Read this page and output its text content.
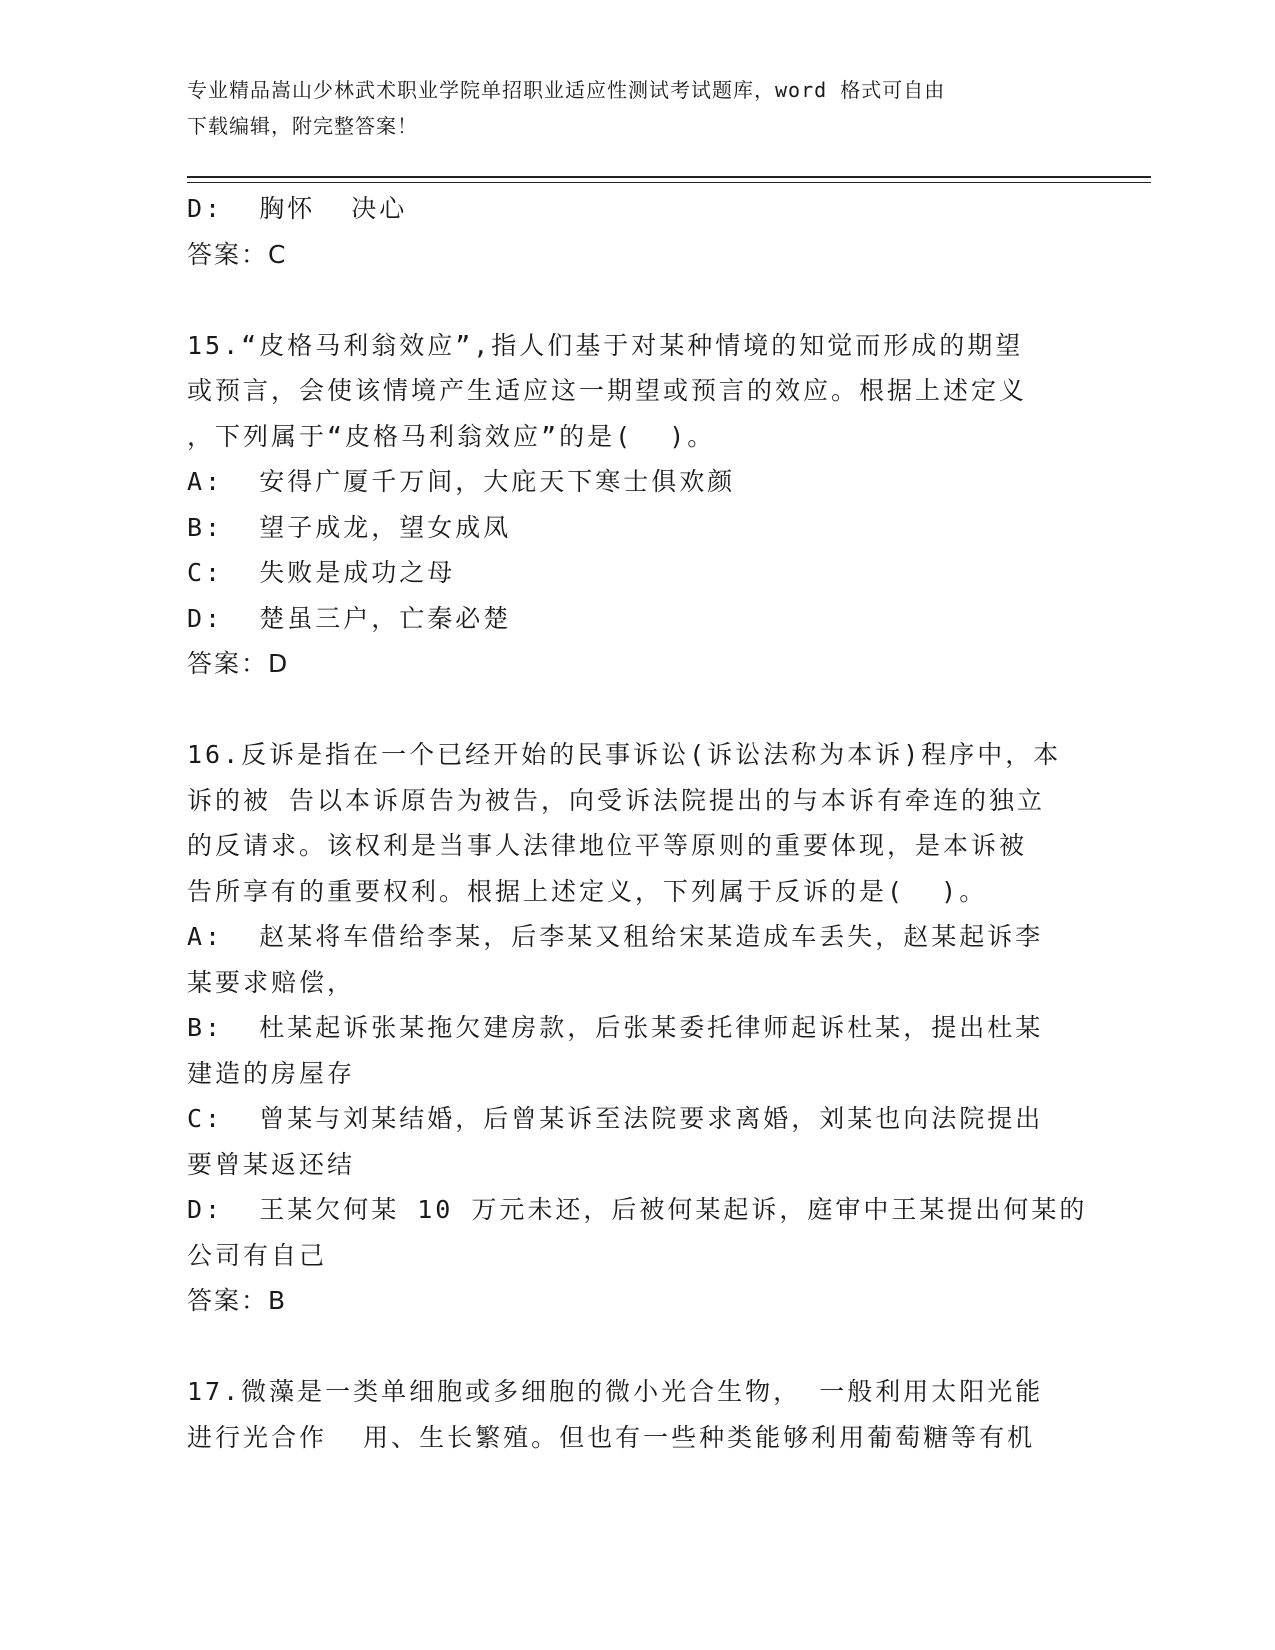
专业精品嵩山少林武术职业学院单招职业适应性测试考试题库，word 格式可自由
下载编辑，附完整答案！
D:  胸怀  决心
答案：C
15.“皮格马利翁效应”,指人们基于对某种情境的知觉而形成的期望
或预言，会使该情境产生适应这一期望或预言的效应。根据上述定义
，下列属于“皮格马利翁效应”的是(  )。
A:  安得广厦千万间，大庇天下寒士俱欢颜
B:  望子成龙，望女成凤
C:  失败是成功之母
D:  楚虽三户，亡秦必楚
答案：D
16.反诉是指在一个已经开始的民事诉讼(诉讼法称为本诉)程序中，本
诉的被 告以本诉原告为被告，向受诉法院提出的与本诉有牵连的独立
的反请求。该权利是当事人法律地位平等原则的重要体现，是本诉被
告所享有的重要权利。根据上述定义，下列属于反诉的是(  )。
A:  赵某将车借给李某，后李某又租给宋某造成车丢失，赵某起诉李
某要求赔偿，
B:  杜某起诉张某拖欠建房款，后张某委托律师起诉杜某，提出杜某
建造的房屋存
C:  曾某与刘某结婚，后曾某诉至法院要求离婚，刘某也向法院提出
要曾某返还结
D:  王某欠何某 10 万元未还，后被何某起诉，庭审中王某提出何某的
公司有自己
答案：B
17.微藻是一类单细胞或多细胞的微小光合生物， 一般利用太阳光能
进行光合作  用、生长繁殖。但也有一些种类能够利用葡萄糖等有机
